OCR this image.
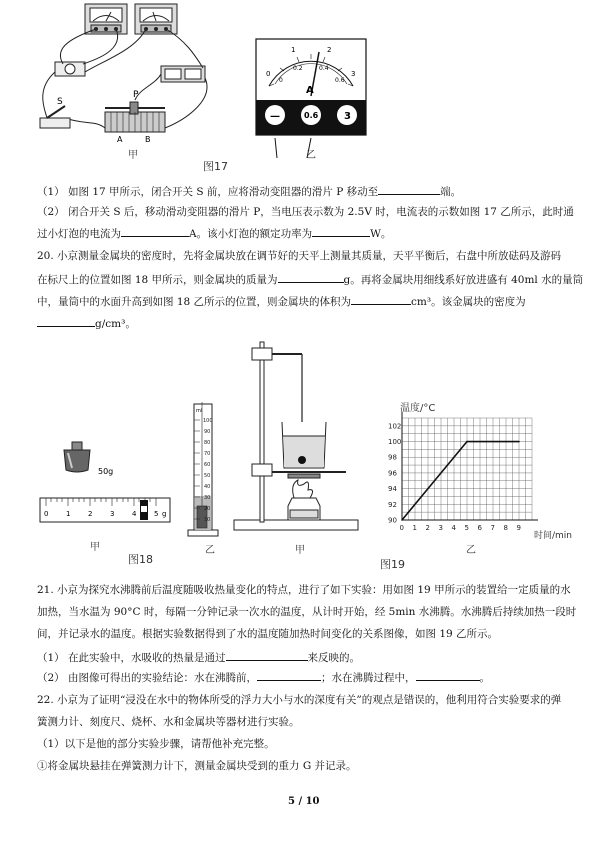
S
P
A	B
甲
图17
0
1	2
3
0
0.2	0.4
0.6
A
—	0.6	3
乙
（1） 如图 17 甲所示，闭合开关 S 前，应将滑动变阻器的滑片 P 移动至	端。
（2） 闭合开关 S 后，移动滑动变阻器的滑片 P，当电压表示数为 2.5V 时，电流表的示数如图 17 乙所示，此时通
过小灯泡的电流为	A。该小灯泡的额定功率为	W。
20. 小京测量金属块的密度时，先将金属块放在调节好的天平上测量其质量，天平平衡后，右盘中所放砝码及游码
在标尺上的位置如图 18 甲所示，则金属块的质量为	g。再将金属块用细线系好放进盛有 40ml 水的量筒
中，量筒中的水面升高到如图 18 乙所示的位置，则金属块的体积为	cm³。该金属块的密度为
g/cm³。
50g
0	1	2	3	4	5 g
甲
图18
ml
100
90
80
70
60
50
40
30
20
10
乙	甲
温度/°C
时间/min
0 1 2 3 4 5 6 7 8 9
90
92
94
96
98
100
102
图19
乙
21. 小京为探究水沸腾前后温度随吸收热量变化的特点，进行了如下实验：用如图 19 甲所示的装置给一定质量的水
加热，当水温为 90°C 时，每隔一分钟记录一次水的温度，从计时开始，经 5min 水沸腾。水沸腾后持续加热一段时
间，并记录水的温度。根据实验数据得到了水的温度随加热时间变化的关系图像，如图 19 乙所示。
（1） 在此实验中，水吸收的热量是通过	来反映的。
（2） 由图像可得出的实验结论：水在沸腾前，	；水在沸腾过程中，	。
22. 小京为了证明“浸没在水中的物体所受的浮力大小与水的深度有关”的观点是错误的，他利用符合实验要求的弹
簧测力计、刻度尺、烧杯、水和金属块等器材进行实验。
（1）以下是他的部分实验步骤，请帮他补充完整。
①将金属块悬挂在弹簧测力计下，测量金属块受到的重力 G 并记录。
5 / 10
